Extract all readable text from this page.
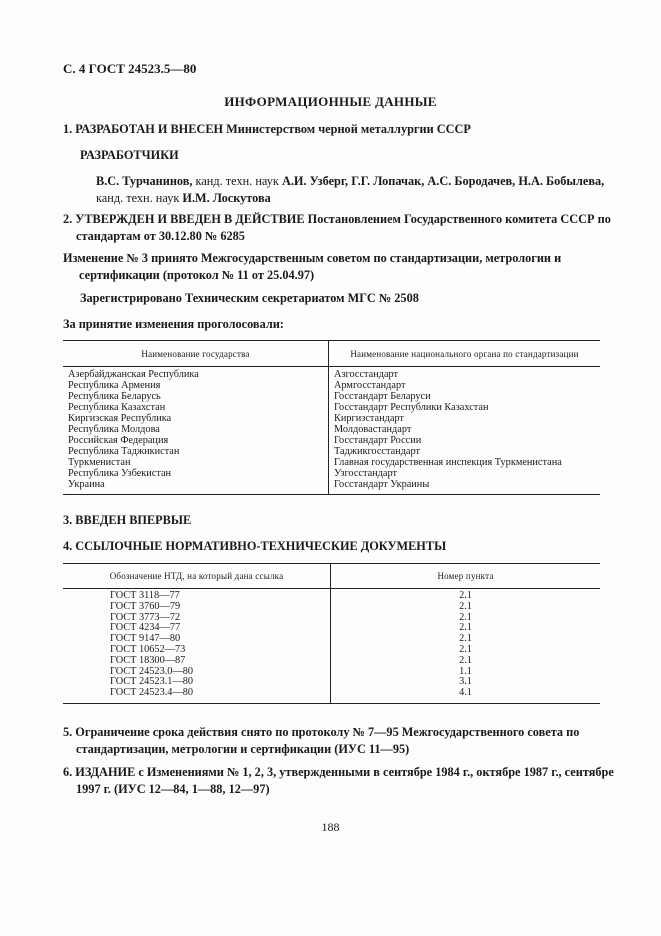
С. 4 ГОСТ 24523.5—80
ИНФОРМАЦИОННЫЕ ДАННЫЕ
1. РАЗРАБОТАН И ВНЕСЕН Министерством черной металлургии СССР
РАЗРАБОТЧИКИ
В.С. Турчанинов, канд. техн. наук А.И. Узберг, Г.Г. Лопачак, А.С. Бородачев, Н.А. Бобылева,
канд. техн. наук И.М. Лоскутова
2. УТВЕРЖДЕН И ВВЕДЕН В ДЕЙСТВИЕ Постановлением Государственного комитета СССР по стандартам от 30.12.80 № 6285
Изменение № 3 принято Межгосударственным советом по стандартизации, метрологии и сертификации (протокол № 11 от 25.04.97)
Зарегистрировано Техническим секретариатом МГС № 2508
За принятие изменения проголосовали:
Наименование государства	Наименование национального органа по стандартизации
Азербайджанская Республика	Азгосстандарт
Республика Армения	Армгосстандарт
Республика Беларусь	Госстандарт Беларуси
Республика Казахстан	Госстандарт Республики Казахстан
Киргизская Республика	Киргизстандарт
Республика Молдова	Молдовастандарт
Российская Федерация	Госстандарт России
Республика Таджикистан	Таджикгосстандарт
Туркменистан	Главная государственная инспекция Туркменистана
Республика Узбекистан	Узгосстандарт
Украина	Госстандарт Украины
3. ВВЕДЕН ВПЕРВЫЕ
4. ССЫЛОЧНЫЕ НОРМАТИВНО-ТЕХНИЧЕСКИЕ ДОКУМЕНТЫ
Обозначение НТД, на который дана ссылка	Номер пункта
ГОСТ 3118—77	2.1
ГОСТ 3760—79	2.1
ГОСТ 3773—72	2.1
ГОСТ 4234—77	2.1
ГОСТ 9147—80	2.1
ГОСТ 10652—73	2.1
ГОСТ 18300—87	2.1
ГОСТ 24523.0—80	1.1
ГОСТ 24523.1—80	3.1
ГОСТ 24523.4—80	4.1
5. Ограничение срока действия снято по протоколу № 7—95 Межгосударственного совета по стандартизации, метрологии и сертификации (ИУС 11—95)
6. ИЗДАНИЕ с Изменениями № 1, 2, 3, утвержденными в сентябре 1984 г., октябре 1987 г., сентябре 1997 г. (ИУС 12—84, 1—88, 12—97)
188
